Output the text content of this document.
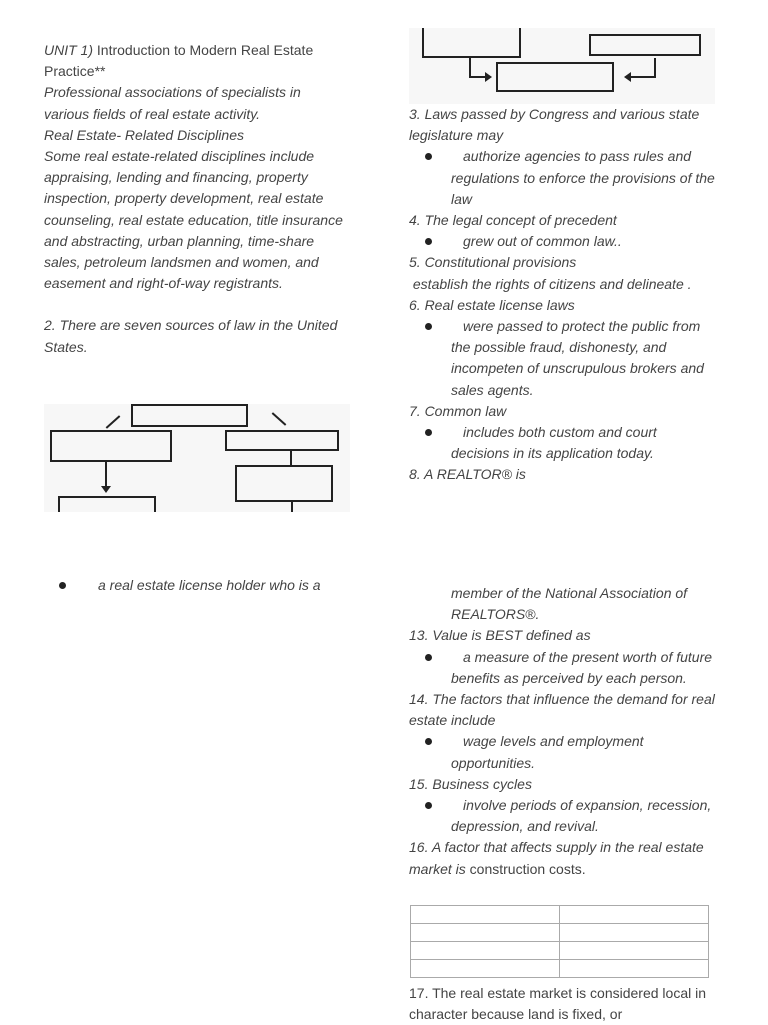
UNIT 1) Introduction to Modern Real Estate Practice**

Professional associations of specialists in various fields of real estate activity.

Real Estate- Related Disciplines

Some real estate-related disciplines include appraising, lending and financing, property inspection, property development, real estate counseling, real estate education, title insurance and abstracting, urban planning, time-share sales, petroleum landsmen and women, and easement and right-of-way registrants.

2. There are seven sources of law in the United States.

a real estate license holder who is a

3. Laws passed by Congress and various state legislature may

authorize agencies to pass rules and regulations to enforce the provisions of the law

4. The legal concept of precedent

grew out of common law..

5. Constitutional provisions

establish the rights of citizens and delineate .

6. Real estate license laws

were passed to protect the public from the possible fraud, dishonesty, and incompeten of unscrupulous brokers and sales agents.

7. Common law

includes both custom and court decisions in its application today.

8. A REALTOR® is

member of the National Association of REALTORS®.

13. Value is BEST defined as

a measure of the present worth of future benefits as perceived by each person.

14. The factors that influence the demand for real estate include

wage levels and employment opportunities.

15. Business cycles

involve periods of expansion, recession, depression, and revival.

16. A factor that affects supply in the real estate market is construction costs.

17. The real estate market is considered local in character because land is fixed, or
